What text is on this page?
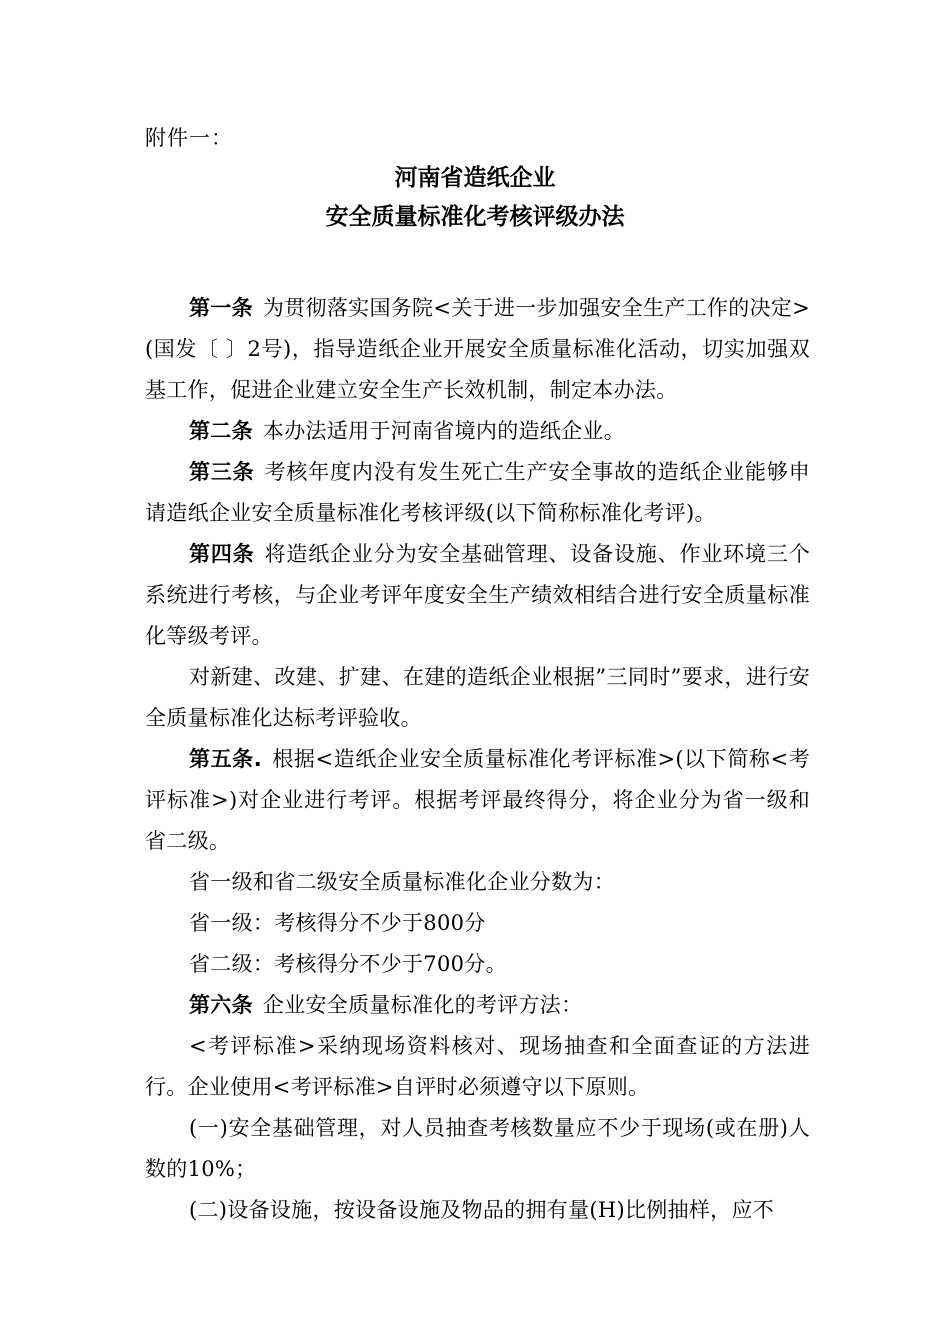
附件一：
河南省造纸企业
安全质量标准化考核评级办法

第一条 为贯彻落实国务院<关于进一步加强安全生产工作的决定>(国发〔 〕2号)，指导造纸企业开展安全质量标准化活动，切实加强双基工作，促进企业建立安全生产长效机制，制定本办法。

第二条 本办法适用于河南省境内的造纸企业。

第三条 考核年度内没有发生死亡生产安全事故的造纸企业能够申请造纸企业安全质量标准化考核评级(以下简称标准化考评)。

第四条 将造纸企业分为安全基础管理、设备设施、作业环境三个系统进行考核，与企业考评年度安全生产绩效相结合进行安全质量标准化等级考评。

对新建、改建、扩建、在建的造纸企业根据”三同时”要求，进行安全质量标准化达标考评验收。

第五条. 根据<造纸企业安全质量标准化考评标准>(以下简称<考评标准>)对企业进行考评。根据考评最终得分，将企业分为省一级和省二级。

省一级和省二级安全质量标准化企业分数为：

省一级：考核得分不少于800分

省二级：考核得分不少于700分。

第六条 企业安全质量标准化的考评方法：

<考评标准>采纳现场资料核对、现场抽查和全面查证的方法进行。企业使用<考评标准>自评时必须遵守以下原则。

(一)安全基础管理，对人员抽查考核数量应不少于现场(或在册)人数的10%；

(二)设备设施，按设备设施及物品的拥有量(H)比例抽样，应不
